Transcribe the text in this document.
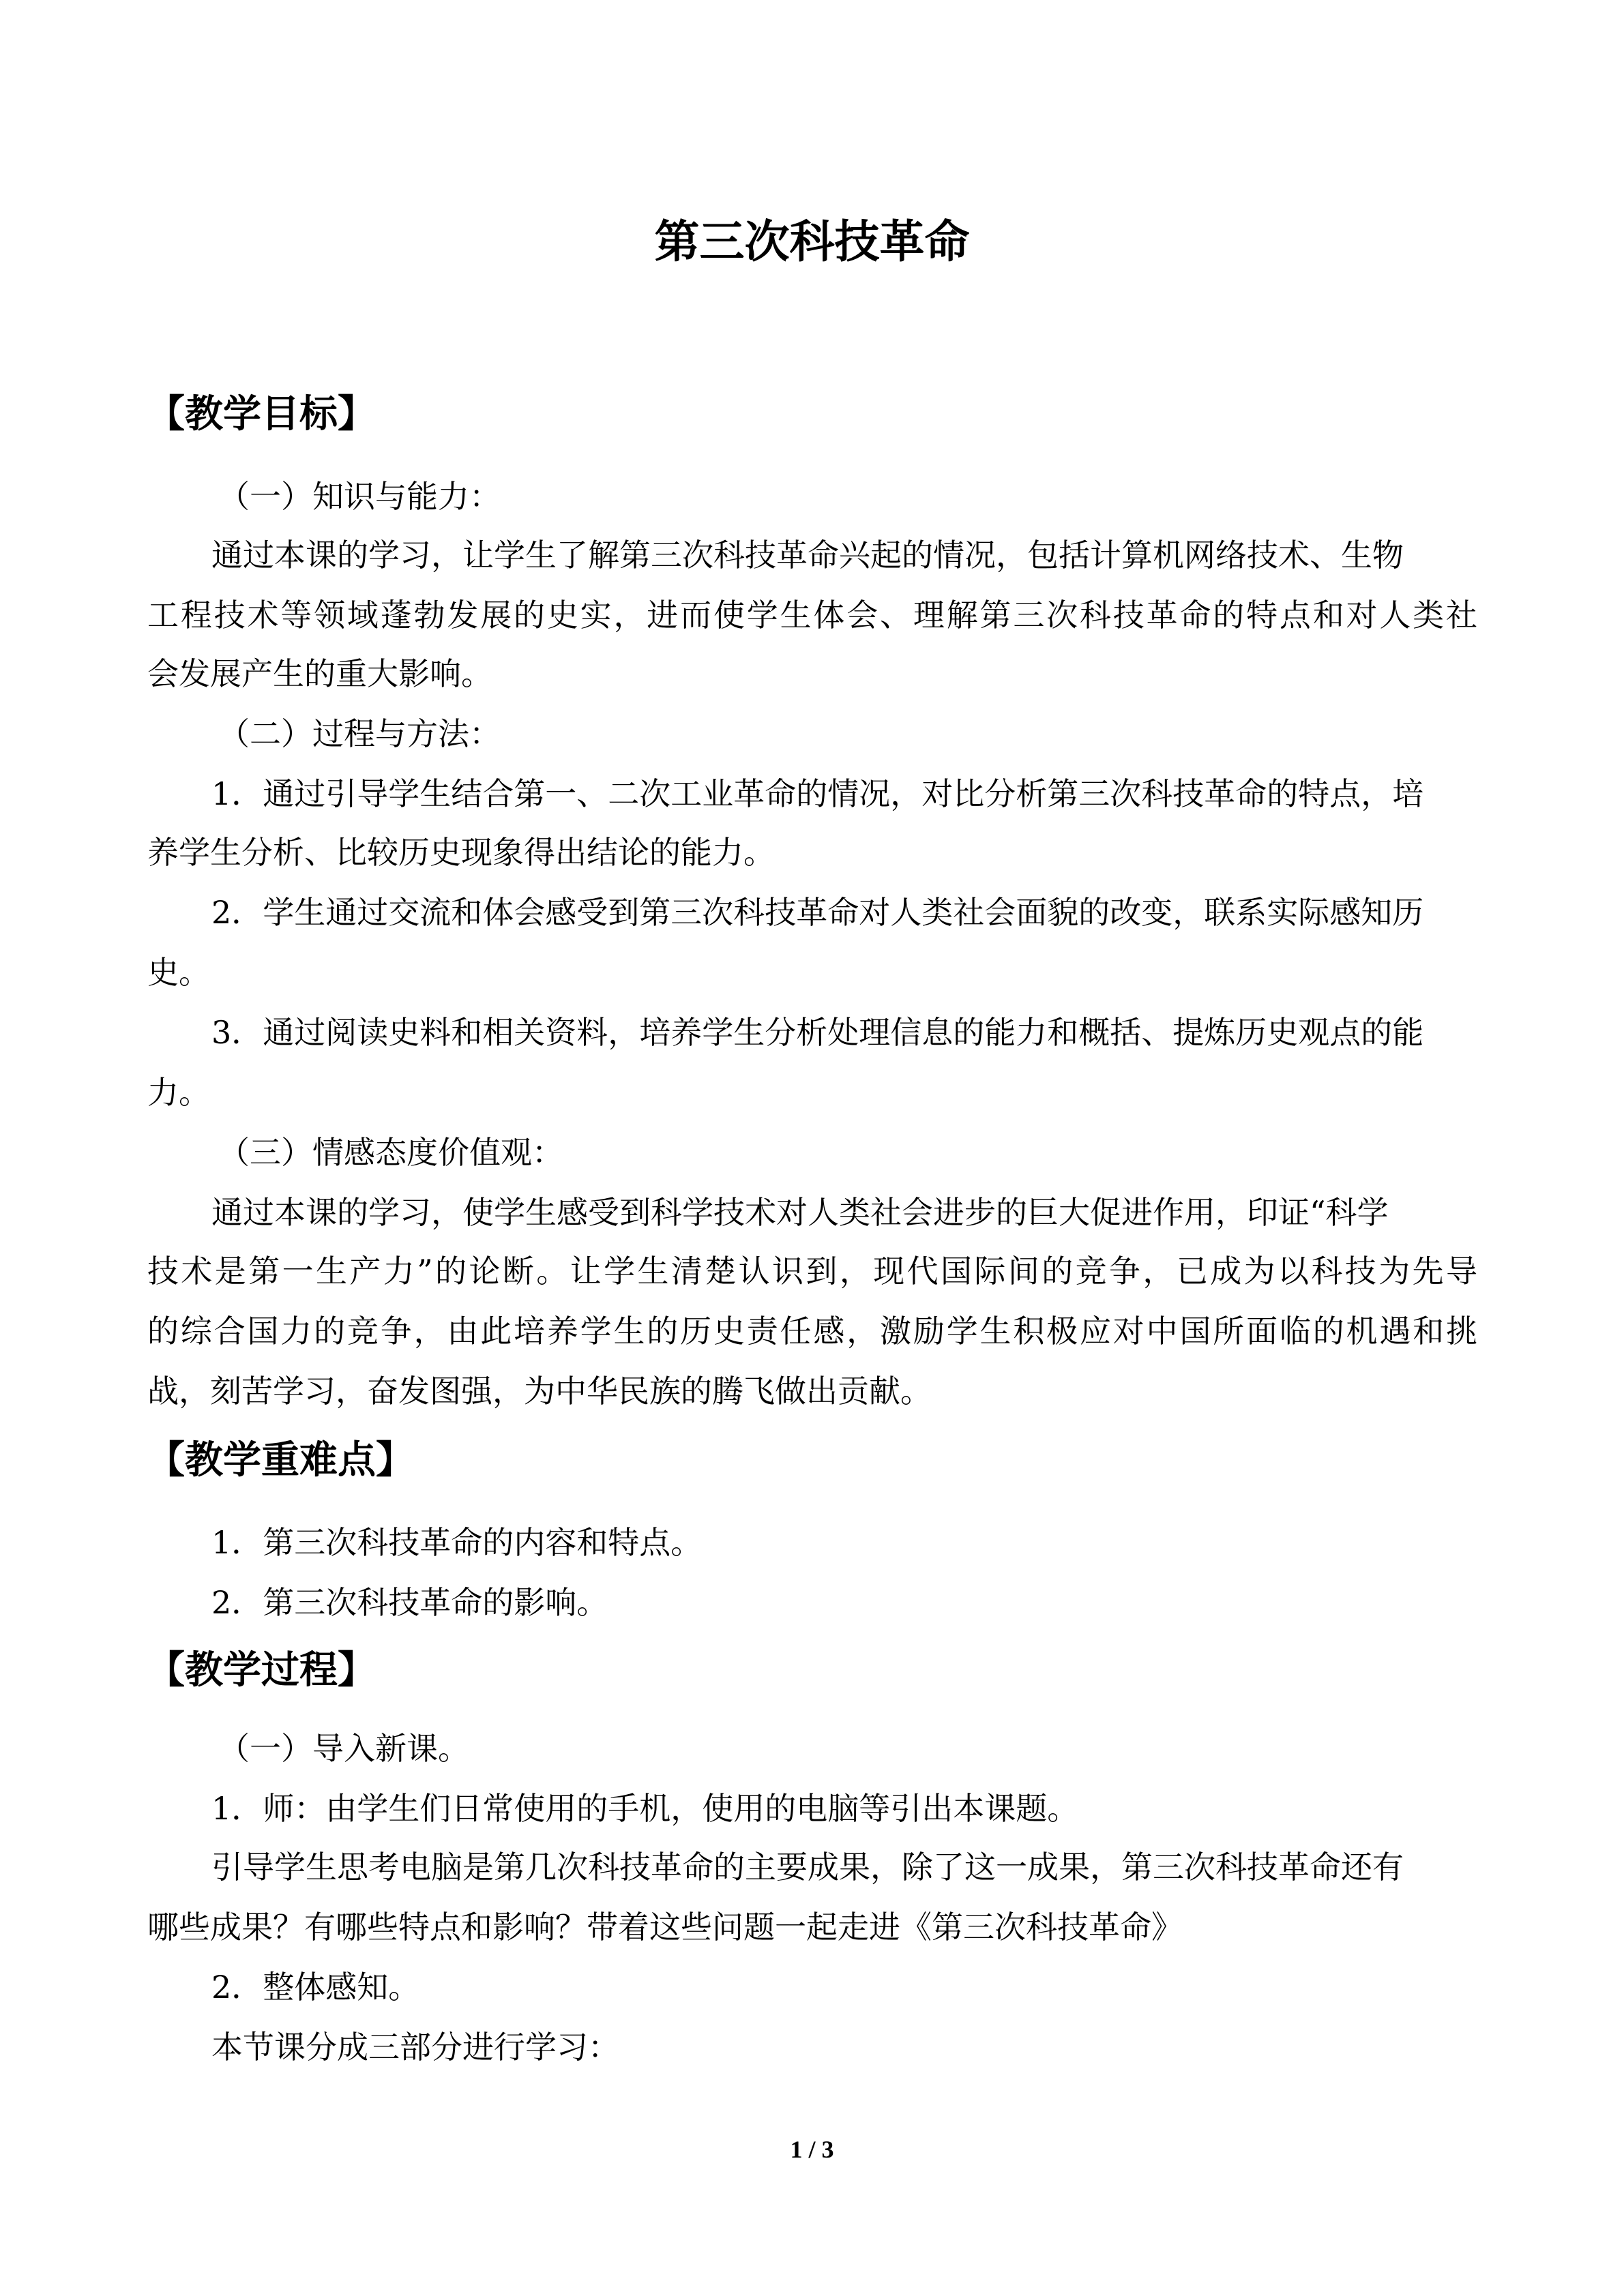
第三次科技革命
【教学目标】
（一）知识与能力：
通过本课的学习，让学生了解第三次科技革命兴起的情况，包括计算机网络技术、生物
工程技术等领域蓬勃发展的史实，进而使学生体会、理解第三次科技革命的特点和对人类社
会发展产生的重大影响。
（二）过程与方法：
1．通过引导学生结合第一、二次工业革命的情况，对比分析第三次科技革命的特点，培
养学生分析、比较历史现象得出结论的能力。
2．学生通过交流和体会感受到第三次科技革命对人类社会面貌的改变，联系实际感知历
史。
3．通过阅读史料和相关资料，培养学生分析处理信息的能力和概括、提炼历史观点的能
力。
（三）情感态度价值观：
通过本课的学习，使学生感受到科学技术对人类社会进步的巨大促进作用，印证“科学
技术是第一生产力”的论断。让学生清楚认识到，现代国际间的竞争，已成为以科技为先导
的综合国力的竞争，由此培养学生的历史责任感，激励学生积极应对中国所面临的机遇和挑
战，刻苦学习，奋发图强，为中华民族的腾飞做出贡献。
【教学重难点】
1．第三次科技革命的内容和特点。
2．第三次科技革命的影响。
【教学过程】
（一）导入新课。
1．师：由学生们日常使用的手机，使用的电脑等引出本课题。
引导学生思考电脑是第几次科技革命的主要成果，除了这一成果，第三次科技革命还有
哪些成果？有哪些特点和影响？带着这些问题一起走进《第三次科技革命》
2．整体感知。
本节课分成三部分进行学习：
1 / 3
